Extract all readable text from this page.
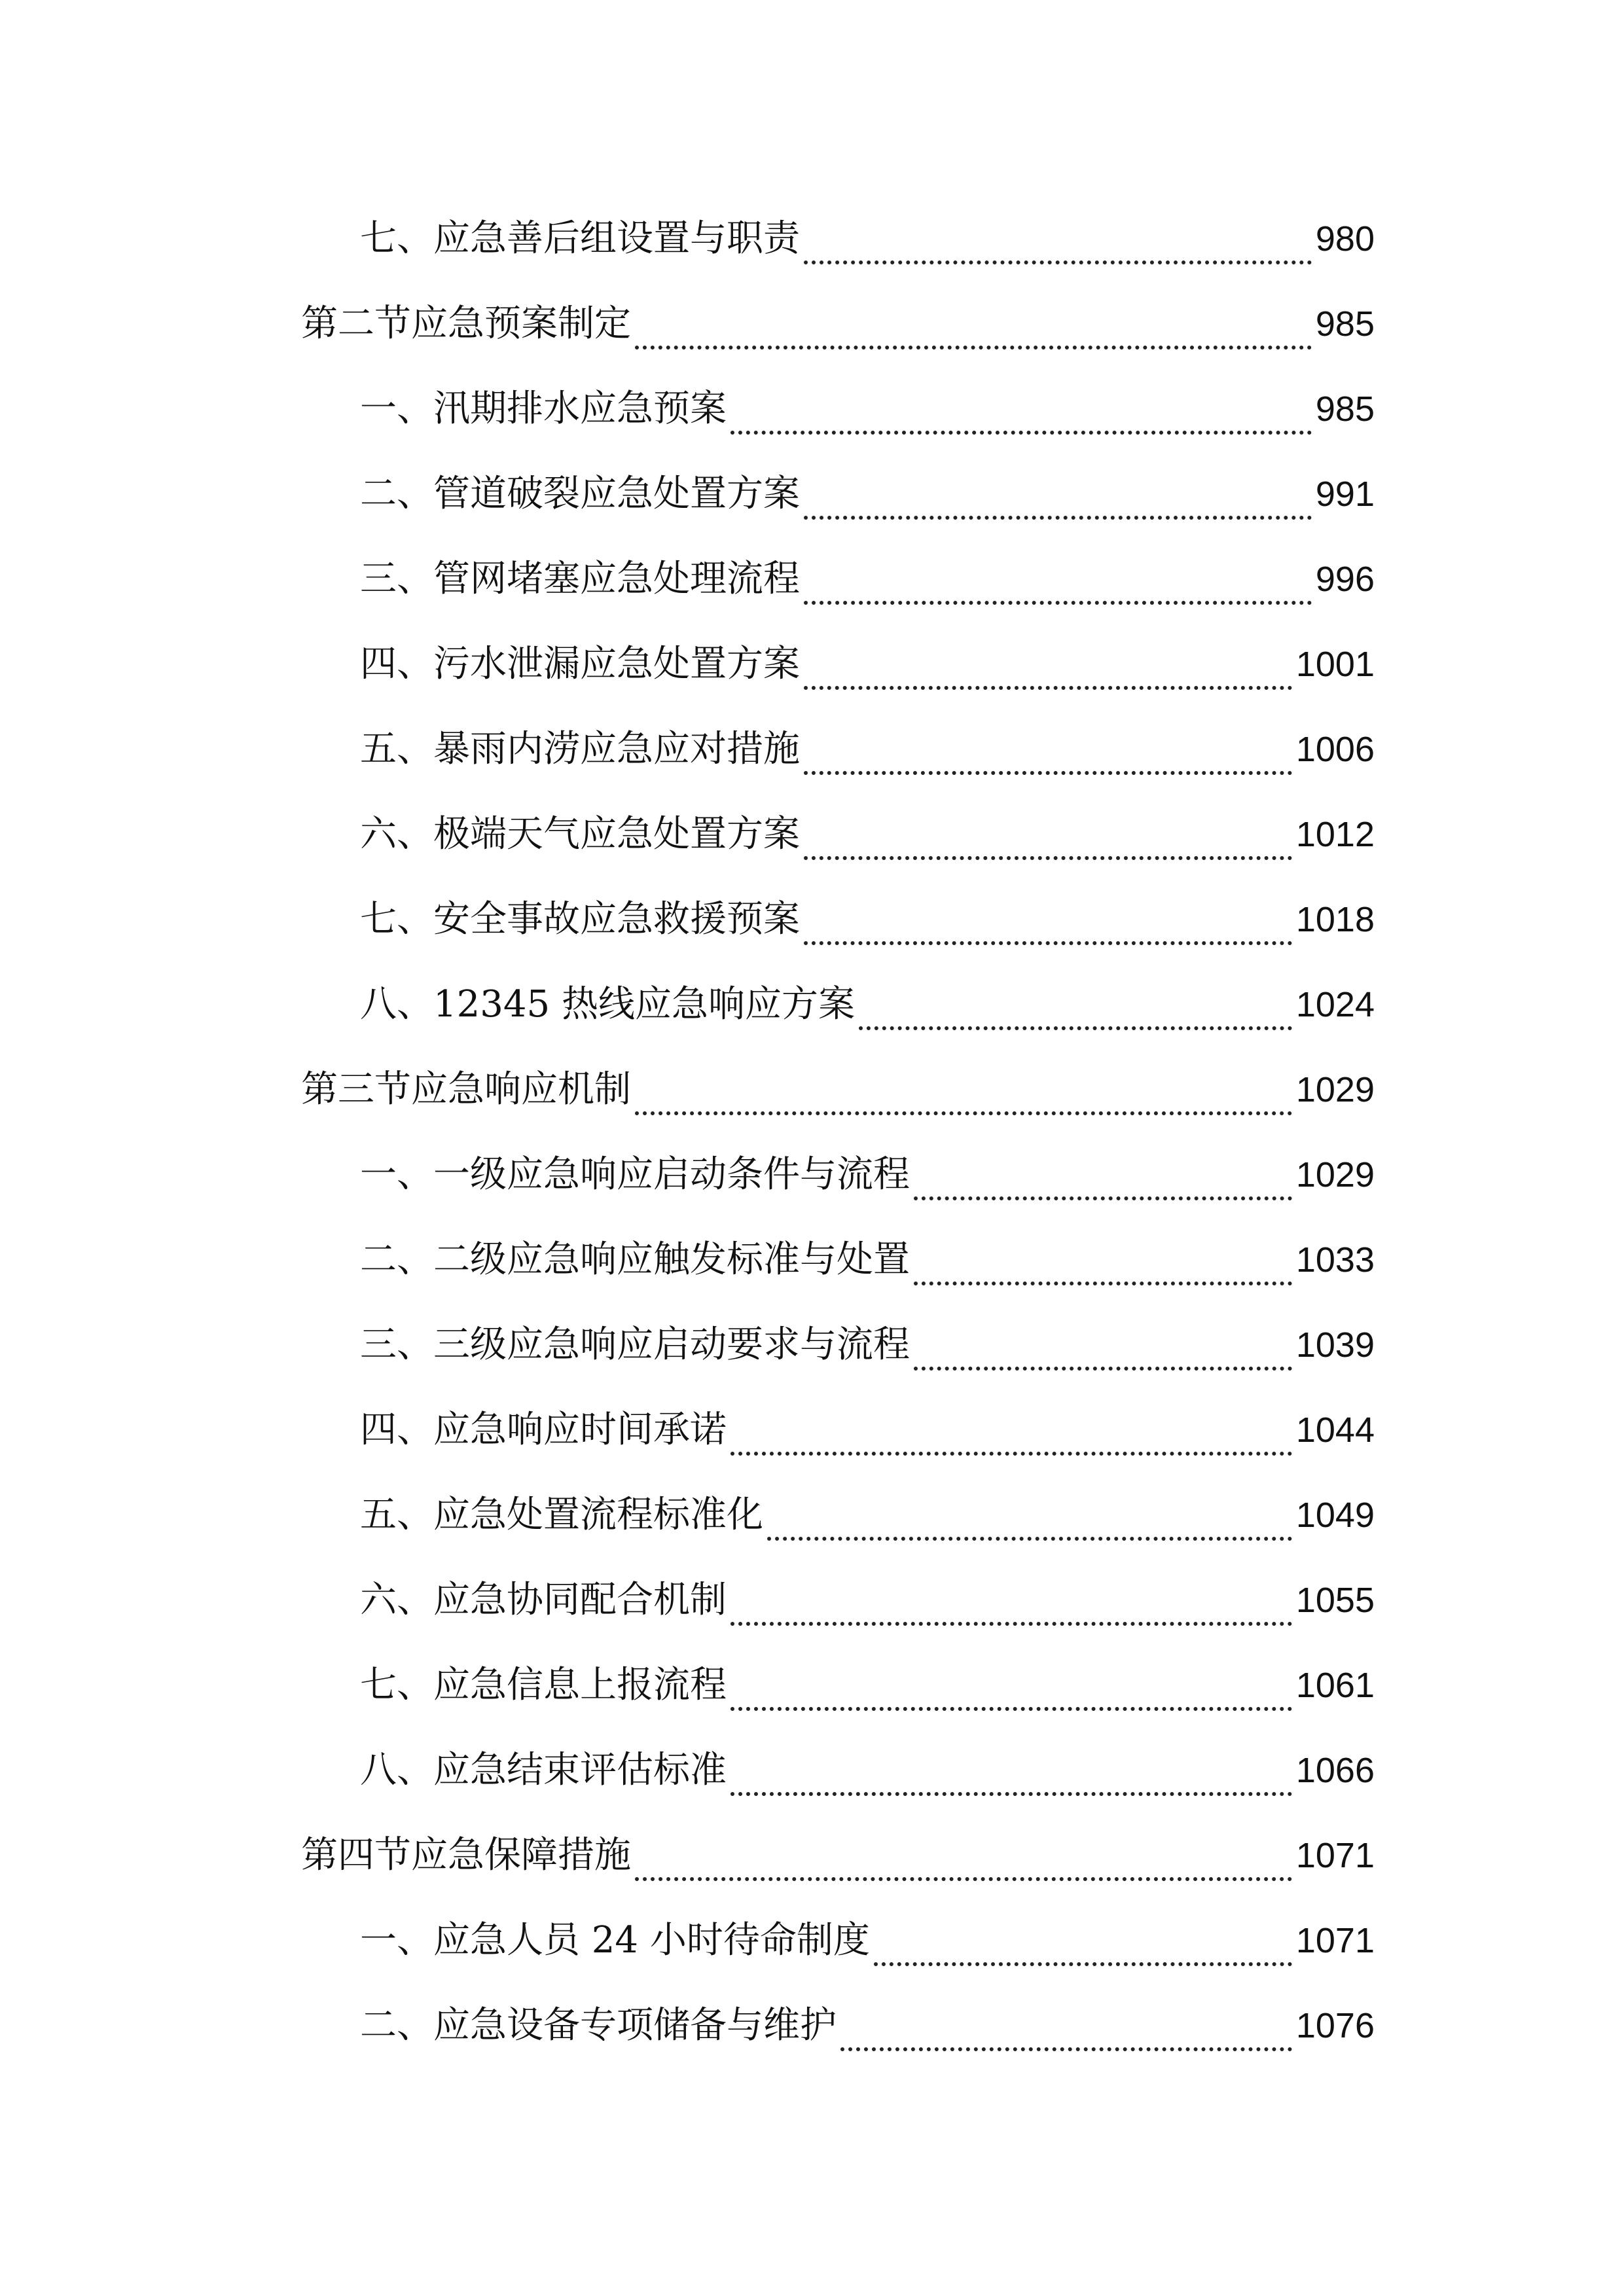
七、应急善后组设置与职责	980
第二节应急预案制定	985
一、汛期排水应急预案	985
二、管道破裂应急处置方案	991
三、管网堵塞应急处理流程	996
四、污水泄漏应急处置方案	1001
五、暴雨内涝应急应对措施	1006
六、极端天气应急处置方案	1012
七、安全事故应急救援预案	1018
八、12345 热线应急响应方案	1024
第三节应急响应机制	1029
一、一级应急响应启动条件与流程	1029
二、二级应急响应触发标准与处置	1033
三、三级应急响应启动要求与流程	1039
四、应急响应时间承诺	1044
五、应急处置流程标准化	1049
六、应急协同配合机制	1055
七、应急信息上报流程	1061
八、应急结束评估标准	1066
第四节应急保障措施	1071
一、应急人员 24 小时待命制度	1071
二、应急设备专项储备与维护	1076
